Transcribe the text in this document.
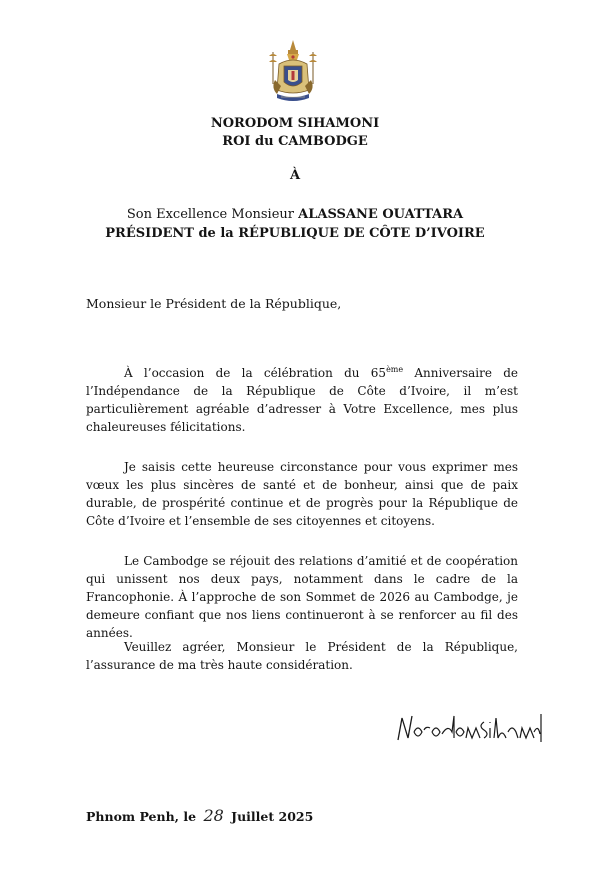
NORODOM SIHAMONI
ROI du CAMBODGE
À
Son Excellence Monsieur ALASSANE OUATTARA
PRÉSIDENT de la RÉPUBLIQUE DE CÔTE D’IVOIRE
Monsieur le Président de la République,
À l’occasion de la célébration du 65ème Anniversaire de l’Indépendance de la République de Côte d’Ivoire, il m’est particulièrement agréable d’adresser à Votre Excellence, mes plus chaleureuses félicitations.
Je saisis cette heureuse circonstance pour vous exprimer mes vœux les plus sincères de santé et de bonheur, ainsi que de paix durable, de prospérité continue et de progrès pour la République de Côte d’Ivoire et l’ensemble de ses citoyennes et citoyens.
Le Cambodge se réjouit des relations d’amitié et de coopération qui unissent nos deux pays, notamment dans le cadre de la Francophonie. À l’approche de son Sommet de 2026 au Cambodge, je demeure confiant que nos liens continueront à se renforcer au fil des années.
Veuillez agréer, Monsieur le Président de la République, l’assurance de ma très haute considération.
Phnom Penh, le 28 Juillet 2025
